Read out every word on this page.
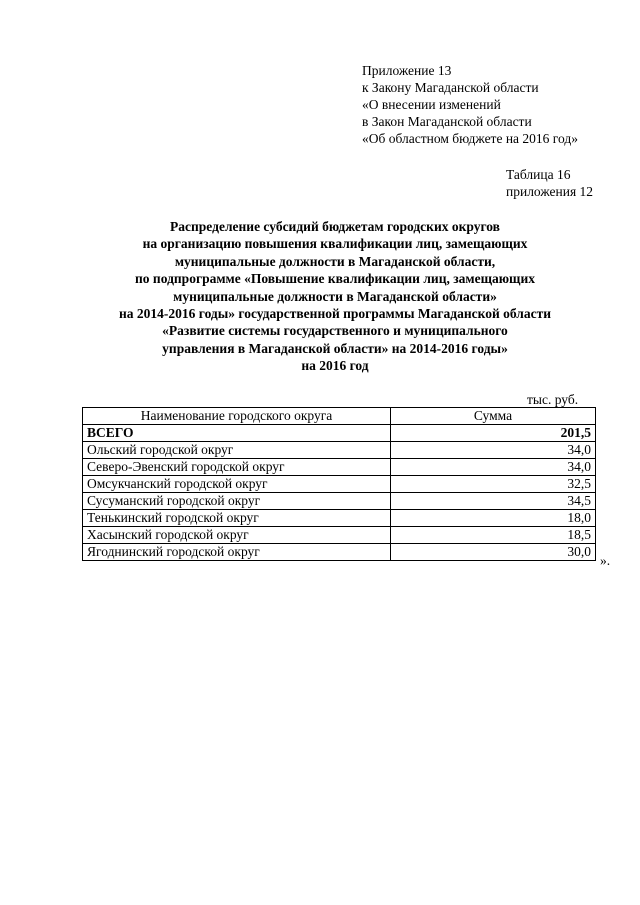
Приложение 13
к Закону Магаданской области
«О внесении изменений
в Закон Магаданской области
«Об областном бюджете на 2016 год»
Таблица 16
приложения 12
Распределение субсидий бюджетам городских округов
на организацию повышения квалификации лиц, замещающих
муниципальные должности в Магаданской области,
по подпрограмме «Повышение квалификации лиц, замещающих
муниципальные должности в Магаданской области»
на 2014-2016 годы» государственной программы Магаданской области
«Развитие системы государственного и муниципального
управления в Магаданской области» на 2014-2016 годы»
на 2016 год
тыс. руб.
Наименование городского округа	Сумма
ВСЕГО	201,5
Ольский городской округ	34,0
Северо-Эвенский городской округ	34,0
Омсукчанский городской округ	32,5
Сусуманский городской округ	34,5
Тенькинский городской округ	18,0
Хасынский городской округ	18,5
Ягоднинский городской округ	30,0
».
